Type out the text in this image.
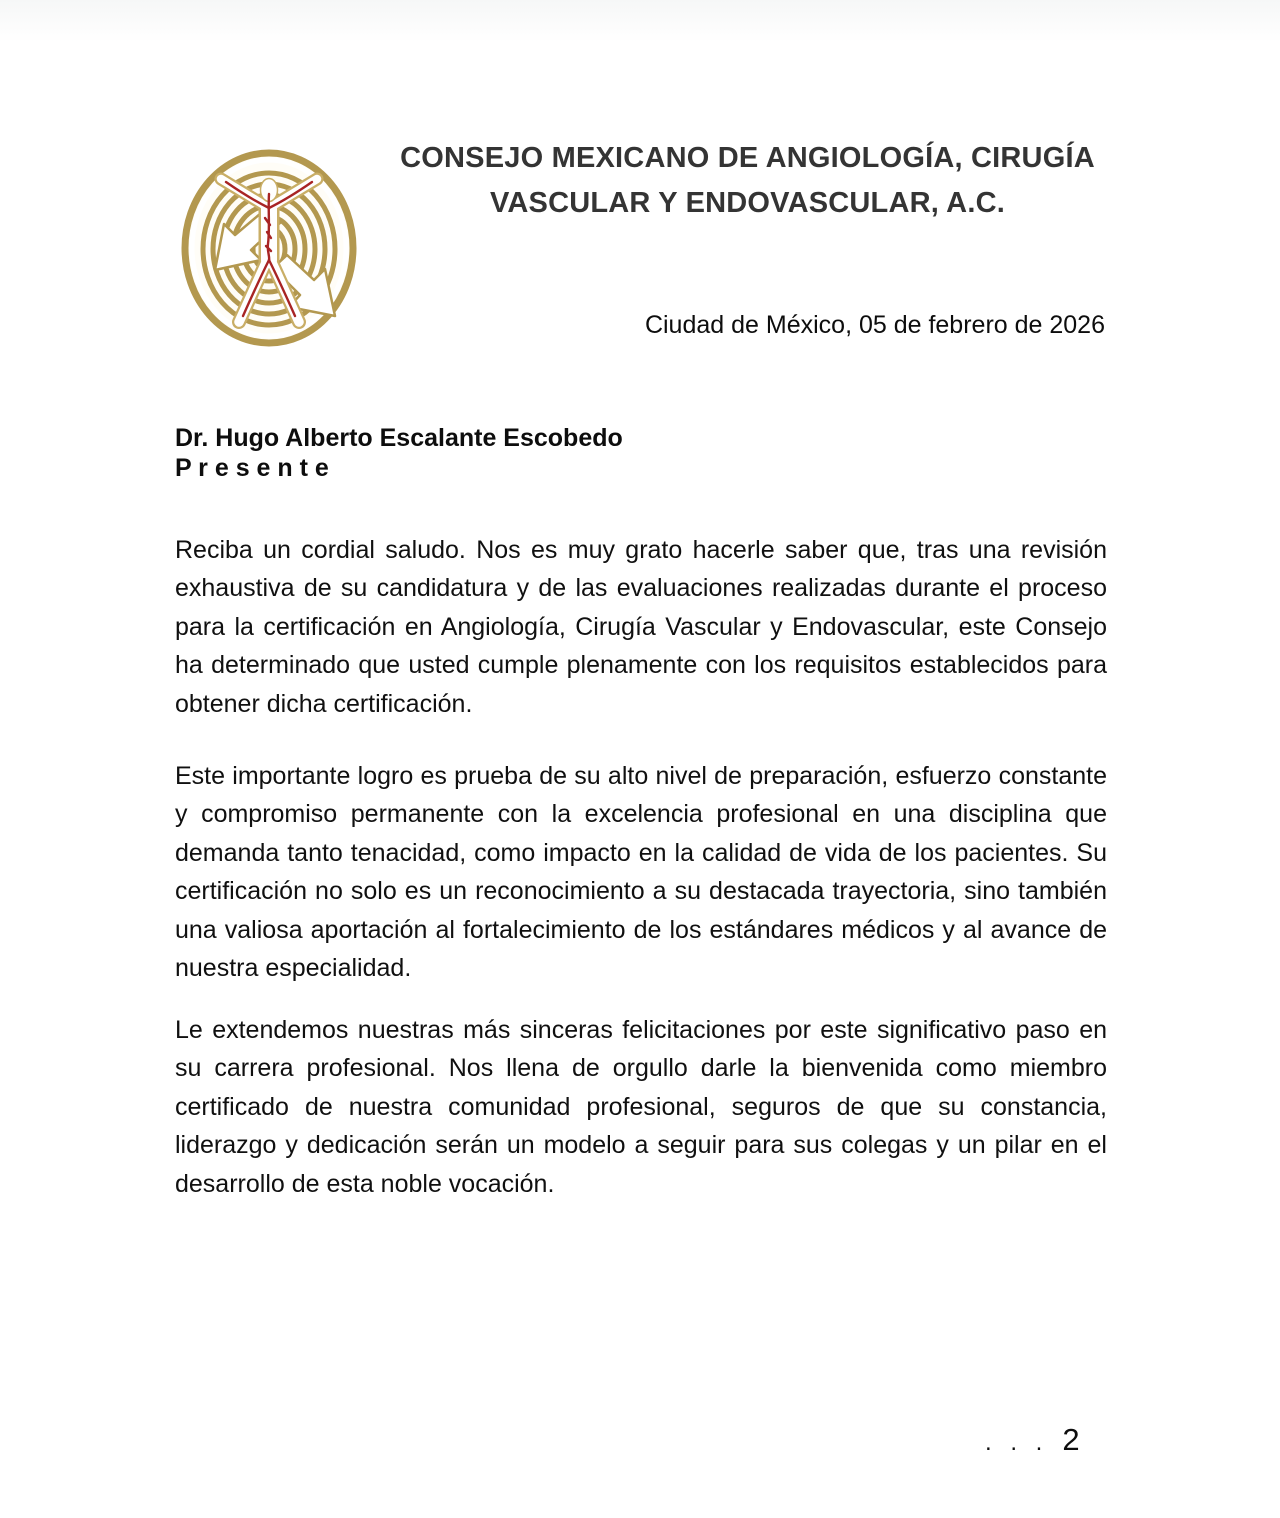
CONSEJO MEXICANO DE ANGIOLOGÍA, CIRUGÍA
VASCULAR Y ENDOVASCULAR, A.C.
Ciudad de México, 05 de febrero de 2026
Dr. Hugo Alberto Escalante Escobedo
P r e s e n t e

Reciba un cordial saludo. Nos es muy grato hacerle saber que, tras una revisión exhaustiva de su candidatura y de las evaluaciones realizadas durante el proceso para la certificación en Angiología, Cirugía Vascular y Endovascular, este Consejo ha determinado que usted cumple plenamente con los requisitos establecidos para obtener dicha certificación.

Este importante logro es prueba de su alto nivel de preparación, esfuerzo constante y compromiso permanente con la excelencia profesional en una disciplina que demanda tanto tenacidad, como impacto en la calidad de vida de los pacientes. Su certificación no solo es un reconocimiento a su destacada trayectoria, sino también una valiosa aportación al fortalecimiento de los estándares médicos y al avance de nuestra especialidad.

Le extendemos nuestras más sinceras felicitaciones por este significativo paso en su carrera profesional. Nos llena de orgullo darle la bienvenida como miembro certificado de nuestra comunidad profesional, seguros de que su constancia, liderazgo y dedicación serán un modelo a seguir para sus colegas y un pilar en el desarrollo de esta noble vocación.

. . . 2
